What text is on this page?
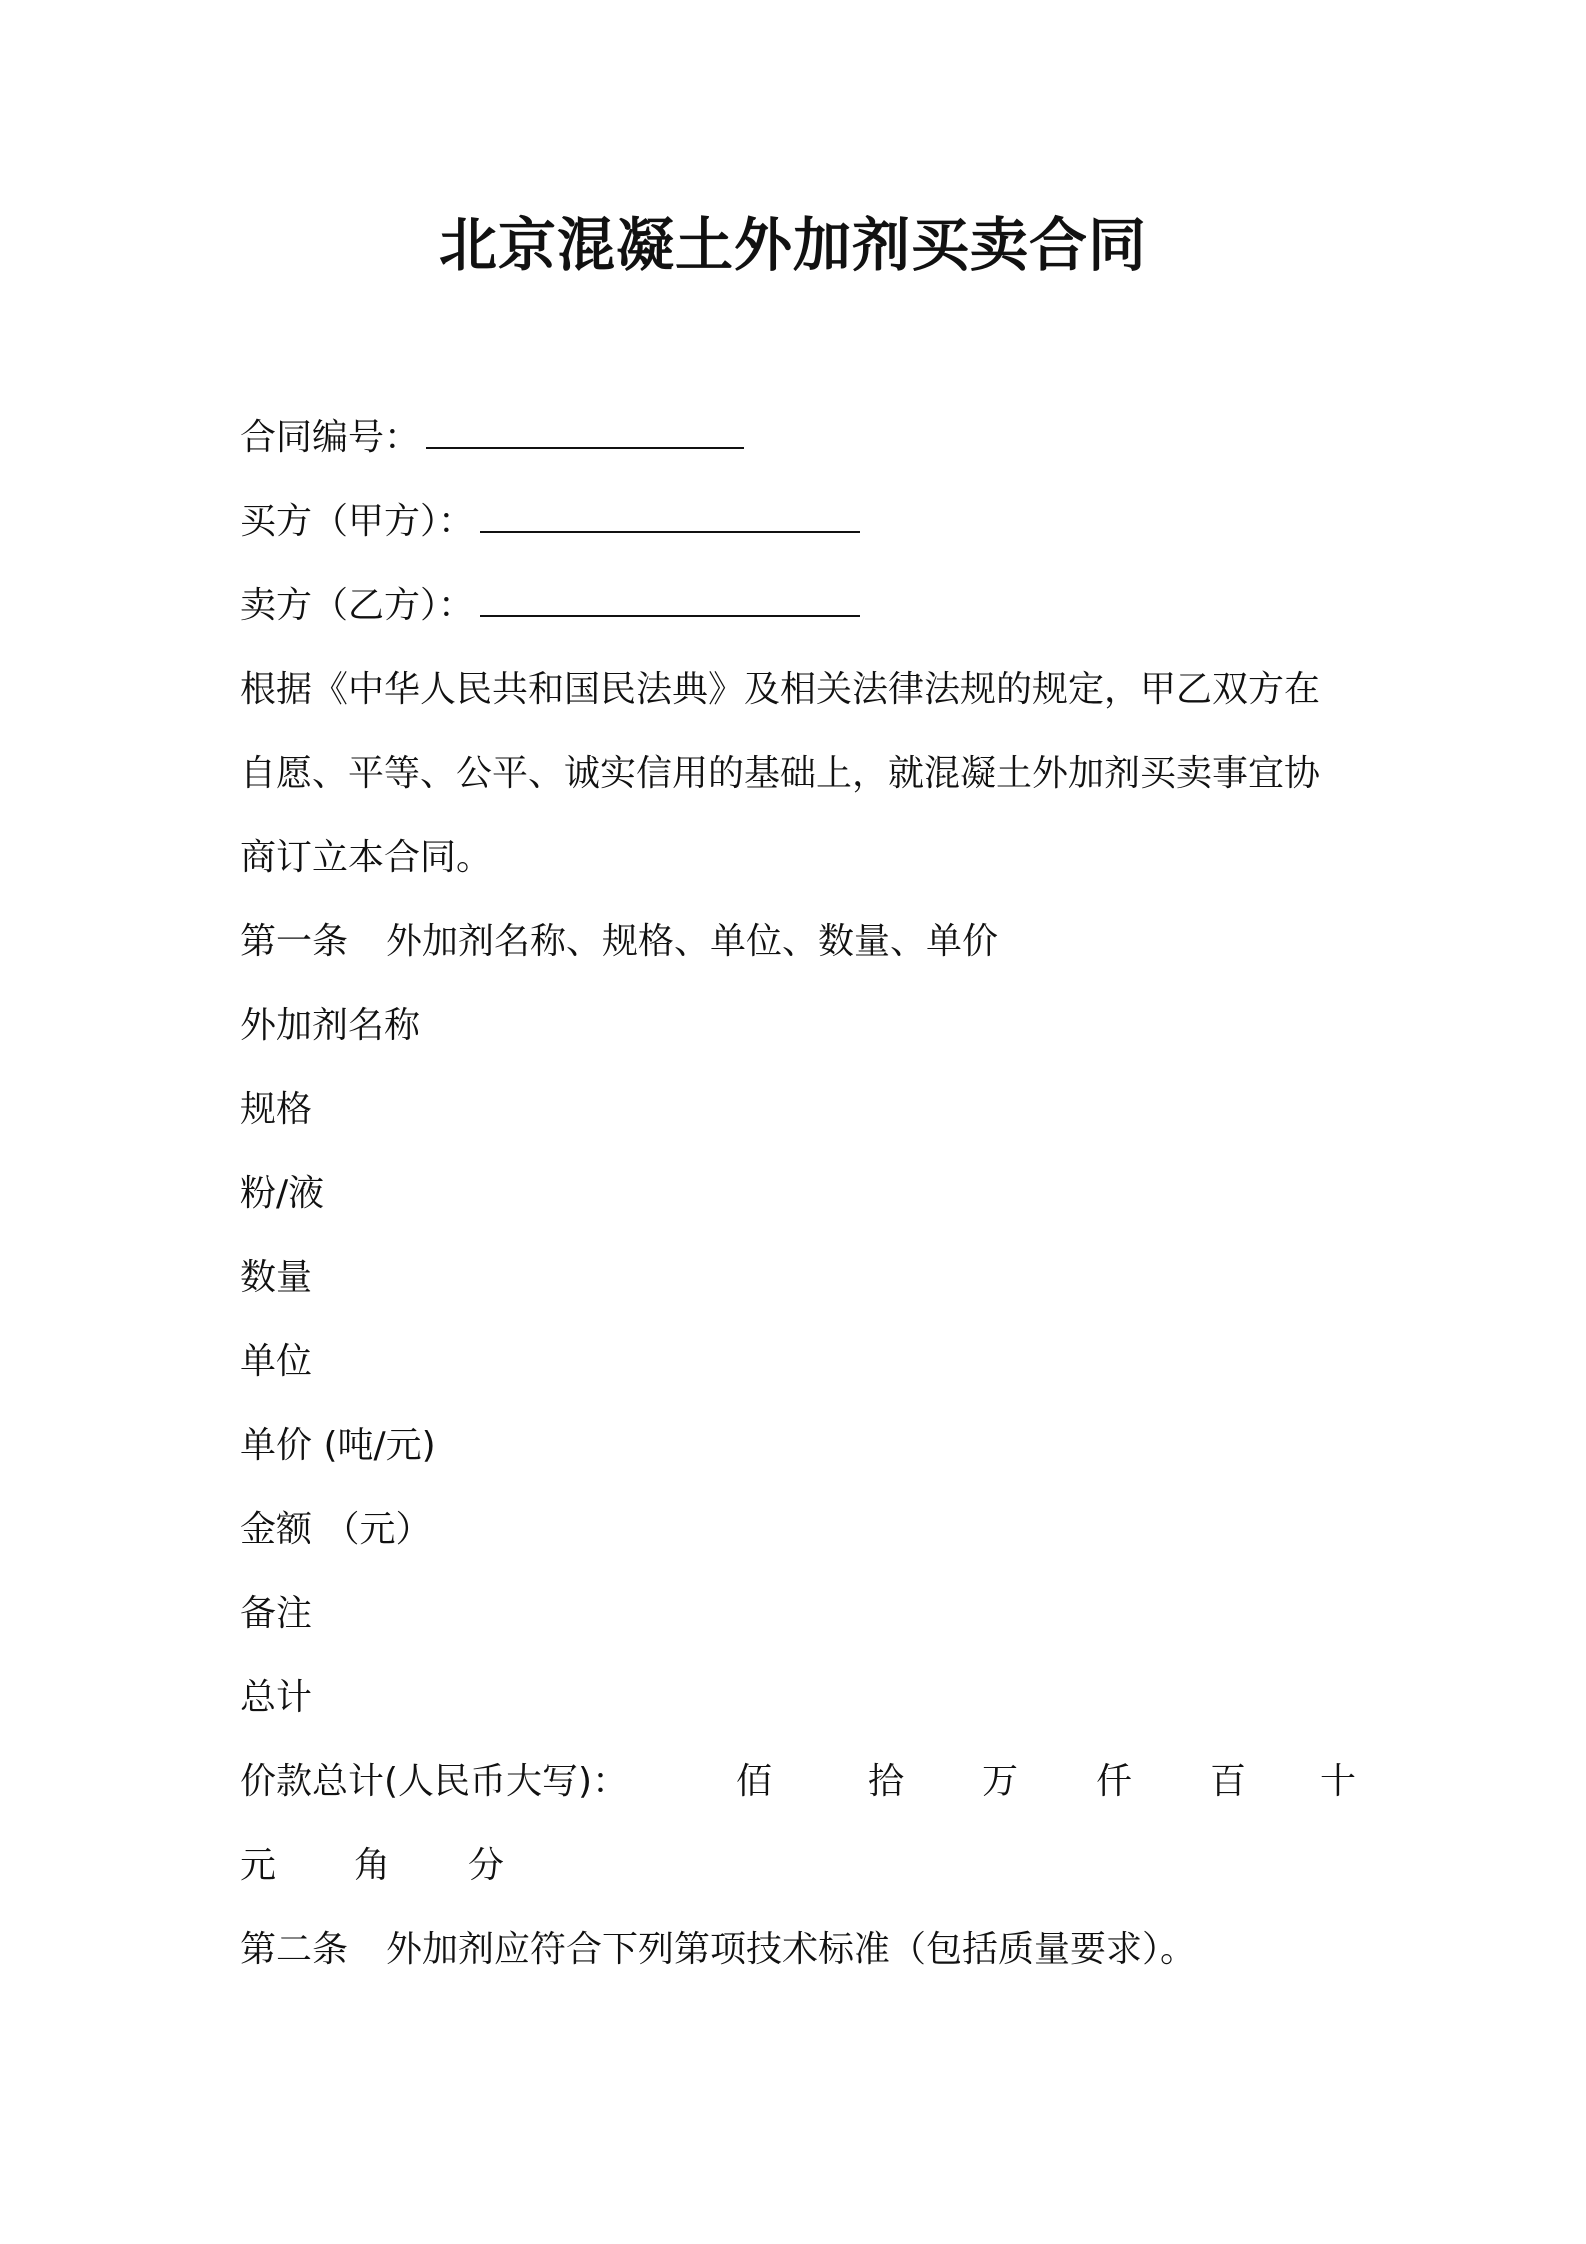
北京混凝土外加剂买卖合同
合同编号：
买方（甲方）：
卖方（乙方）：
根据《中华人民共和国民法典》及相关法律法规的规定，甲乙双方在
自愿、平等、公平、诚实信用的基础上，就混凝土外加剂买卖事宜协
商订立本合同。
第一条 外加剂名称、规格、单位、数量、单价
外加剂名称
规格
粉/液
数量
单位
单价 (吨/元)
金额 （元）
备注
总计
价款总计(人民币大写)：	佰	拾 万 仟 百 十
元 角 分
第二条 外加剂应符合下列第项技术标准（包括质量要求）。
